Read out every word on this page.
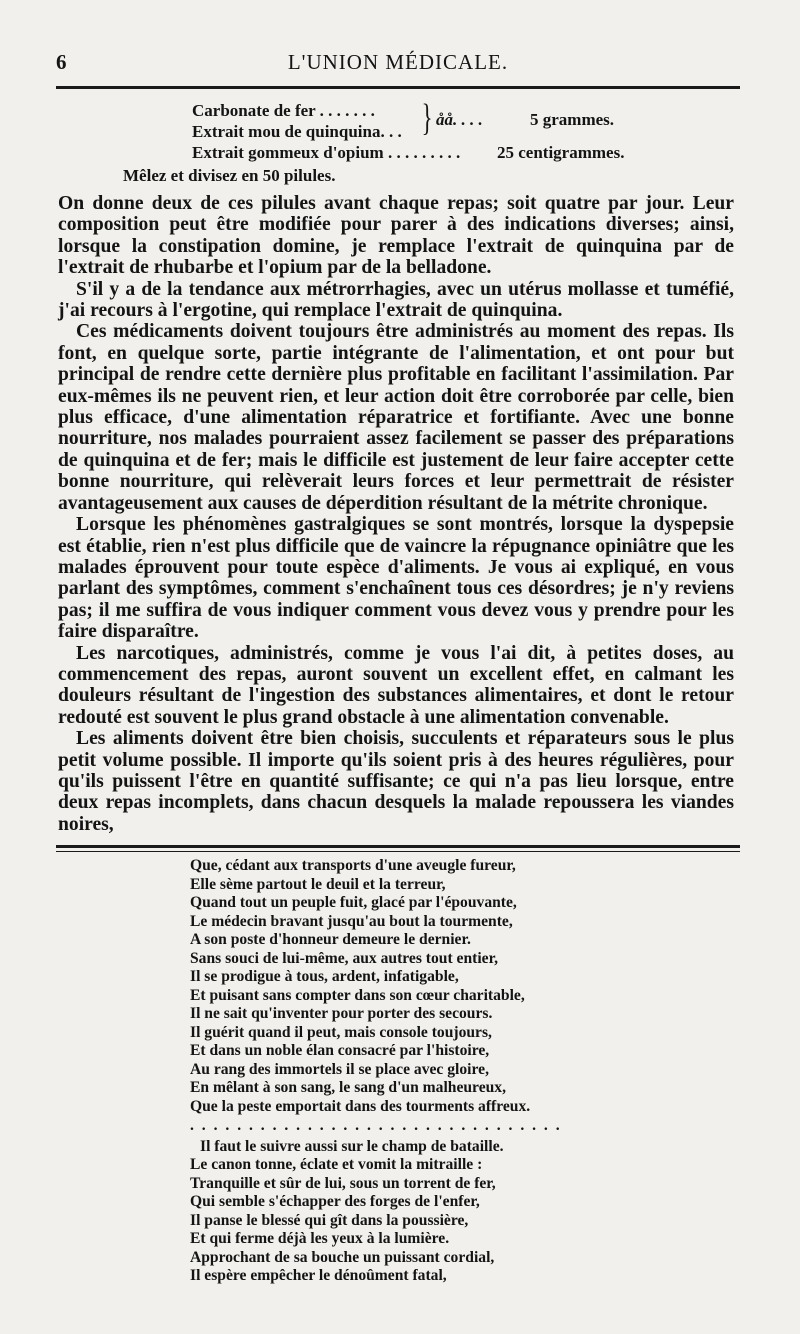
6	L'UNION MÉDICALE.
Carbonate de fer . . . . . . .
Extrait mou de quinquina. . .
Extrait gommeux d'opium . . . . . . . . .
} åå. . . .	5 grammes.
25 centigrammes.
Mêlez et divisez en 50 pilules.

On donne deux de ces pilules avant chaque repas; soit quatre par jour. Leur composition peut être modifiée pour parer à des indications diverses; ainsi, lorsque la constipation domine, je remplace l'extrait de quinquina par de l'extrait de rhubarbe et l'opium par de la belladone.

S'il y a de la tendance aux métrorrhagies, avec un utérus mollasse et tuméfié, j'ai recours à l'ergotine, qui remplace l'extrait de quinquina.

Ces médicaments doivent toujours être administrés au moment des repas. Ils font, en quelque sorte, partie intégrante de l'alimentation, et ont pour but principal de rendre cette dernière plus profitable en facilitant l'assimilation. Par eux-mêmes ils ne peuvent rien, et leur action doit être corroborée par celle, bien plus efficace, d'une alimentation réparatrice et fortifiante. Avec une bonne nourriture, nos malades pourraient assez facilement se passer des préparations de quinquina et de fer; mais le difficile est justement de leur faire accepter cette bonne nourriture, qui relèverait leurs forces et leur permettrait de résister avantageusement aux causes de déperdition résultant de la métrite chronique.

Lorsque les phénomènes gastralgiques se sont montrés, lorsque la dyspepsie est établie, rien n'est plus difficile que de vaincre la répugnance opiniâtre que les malades éprouvent pour toute espèce d'aliments. Je vous ai expliqué, en vous parlant des symptômes, comment s'enchaînent tous ces désordres; je n'y reviens pas; il me suffira de vous indiquer comment vous devez vous y prendre pour les faire disparaître.

Les narcotiques, administrés, comme je vous l'ai dit, à petites doses, au commencement des repas, auront souvent un excellent effet, en calmant les douleurs résultant de l'ingestion des substances alimentaires, et dont le retour redouté est souvent le plus grand obstacle à une alimentation convenable.

Les aliments doivent être bien choisis, succulents et réparateurs sous le plus petit volume possible. Il importe qu'ils soient pris à des heures régulières, pour qu'ils puissent l'être en quantité suffisante; ce qui n'a pas lieu lorsque, entre deux repas incomplets, dans chacun desquels la malade repoussera les viandes noires,

Que, cédant aux transports d'une aveugle fureur,
Elle sème partout le deuil et la terreur,
Quand tout un peuple fuit, glacé par l'épouvante,
Le médecin bravant jusqu'au bout la tourmente,
A son poste d'honneur demeure le dernier.
Sans souci de lui-même, aux autres tout entier,
Il se prodigue à tous, ardent, infatigable,
Et puisant sans compter dans son cœur charitable,
Il ne sait qu'inventer pour porter des secours.
Il guérit quand il peut, mais console toujours,
Et dans un noble élan consacré par l'histoire,
Au rang des immortels il se place avec gloire,
En mêlant à son sang, le sang d'un malheureux,
Que la peste emportait dans des tourments affreux.
. . . . . . . . . . . . . . . . . . . . . . . . . . . . . . . .
Il faut le suivre aussi sur le champ de bataille.
Le canon tonne, éclate et vomit la mitraille :
Tranquille et sûr de lui, sous un torrent de fer,
Qui semble s'échapper des forges de l'enfer,
Il panse le blessé qui gît dans la poussière,
Et qui ferme déjà les yeux à la lumière.
Approchant de sa bouche un puissant cordial,
Il espère empêcher le dénoûment fatal,
